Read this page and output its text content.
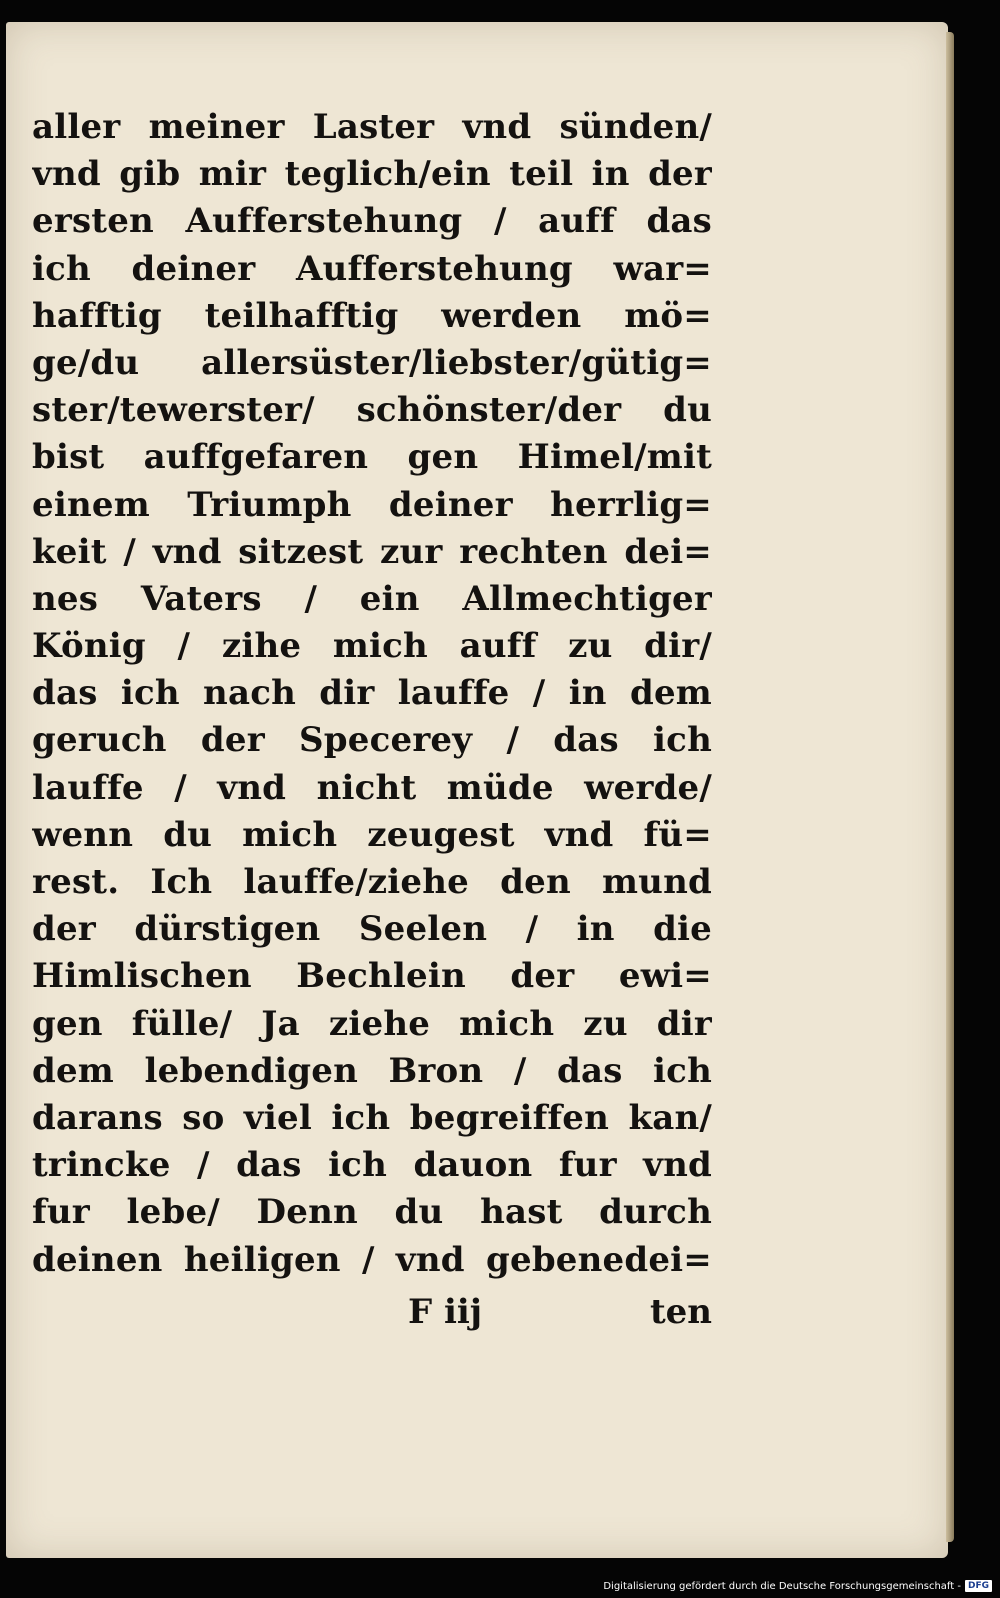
aller meiner Laster vnd sünden/
vnd gib mir teglich/ein teil in der
ersten Aufferstehung / auff das
ich deiner Aufferstehung war=
hafftig teilhafftig werden mö=
ge/du allersüster/liebster/gütig=
ster/tewerster/ schönster/der du
bist auffgefaren gen Himel/mit
einem Triumph deiner herrlig=
keit / vnd sitzest zur rechten dei=
nes Vaters / ein Allmechtiger
König / zihe mich auff zu dir/
das ich nach dir lauffe / in dem
geruch der Specerey / das ich
lauffe / vnd nicht müde werde/
wenn du mich zeugest vnd fü=
rest. Ich lauffe/ziehe den mund
der dürstigen Seelen / in die
Himlischen Bechlein der ewi=
gen fülle/ Ja ziehe mich zu dir
dem lebendigen Bron / das ich
darans so viel ich begreiffen kan/
trincke / das ich dauon fur vnd
fur lebe/ Denn du hast durch
deinen heiligen / vnd gebenedei=
F iij	ten
Digitalisierung gefördert durch die Deutsche Forschungsgemeinschaft - DFG
